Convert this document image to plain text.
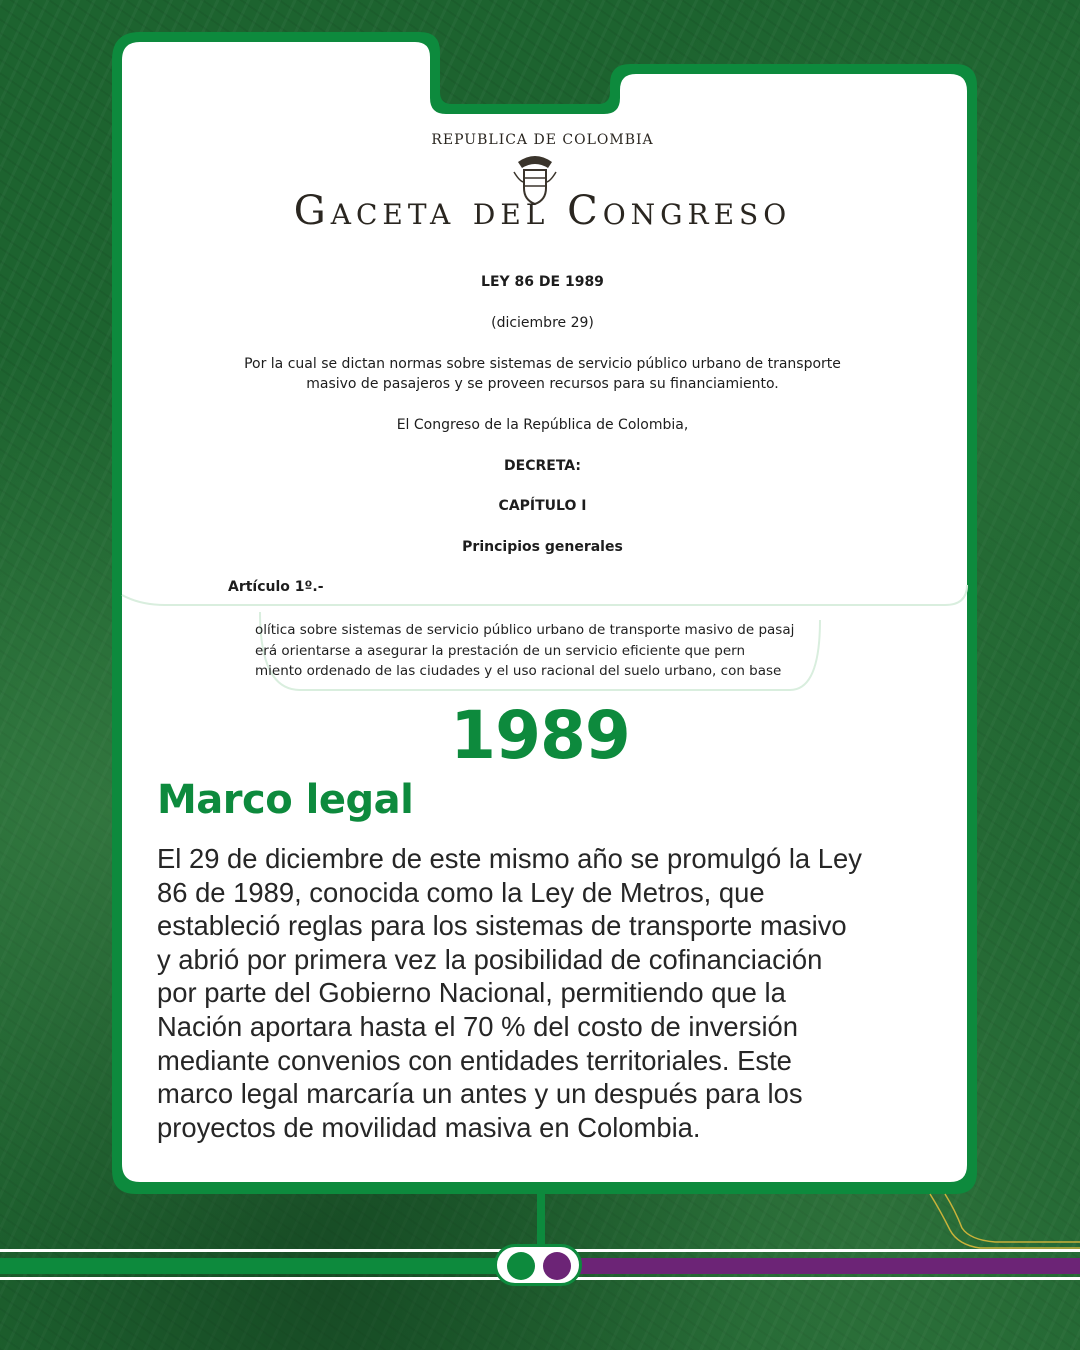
REPUBLICA DE COLOMBIA
Gaceta del Congreso
LEY 86 DE 1989
(diciembre 29)
Por la cual se dictan normas sobre sistemas de servicio público urbano de transporte
masivo de pasajeros y se proveen recursos para su financiamiento.
El Congreso de la República de Colombia,
DECRETA:
CAPÍTULO I
Principios generales
Artículo 1º.-
olítica sobre sistemas de servicio público urbano de transporte masivo de pasaj
erá orientarse a asegurar la prestación de un servicio eficiente que pern
miento ordenado de las ciudades y el uso racional del suelo urbano, con base
1989
Marco legal
El 29 de diciembre de este mismo año se promulgó la Ley
86 de 1989, conocida como la Ley de Metros, que
estableció reglas para los sistemas de transporte masivo
y abrió por primera vez la posibilidad de cofinanciación
por parte del Gobierno Nacional, permitiendo que la
Nación aportara hasta el 70 % del costo de inversión
mediante convenios con entidades territoriales. Este
marco legal marcaría un antes y un después para los
proyectos de movilidad masiva en Colombia.
